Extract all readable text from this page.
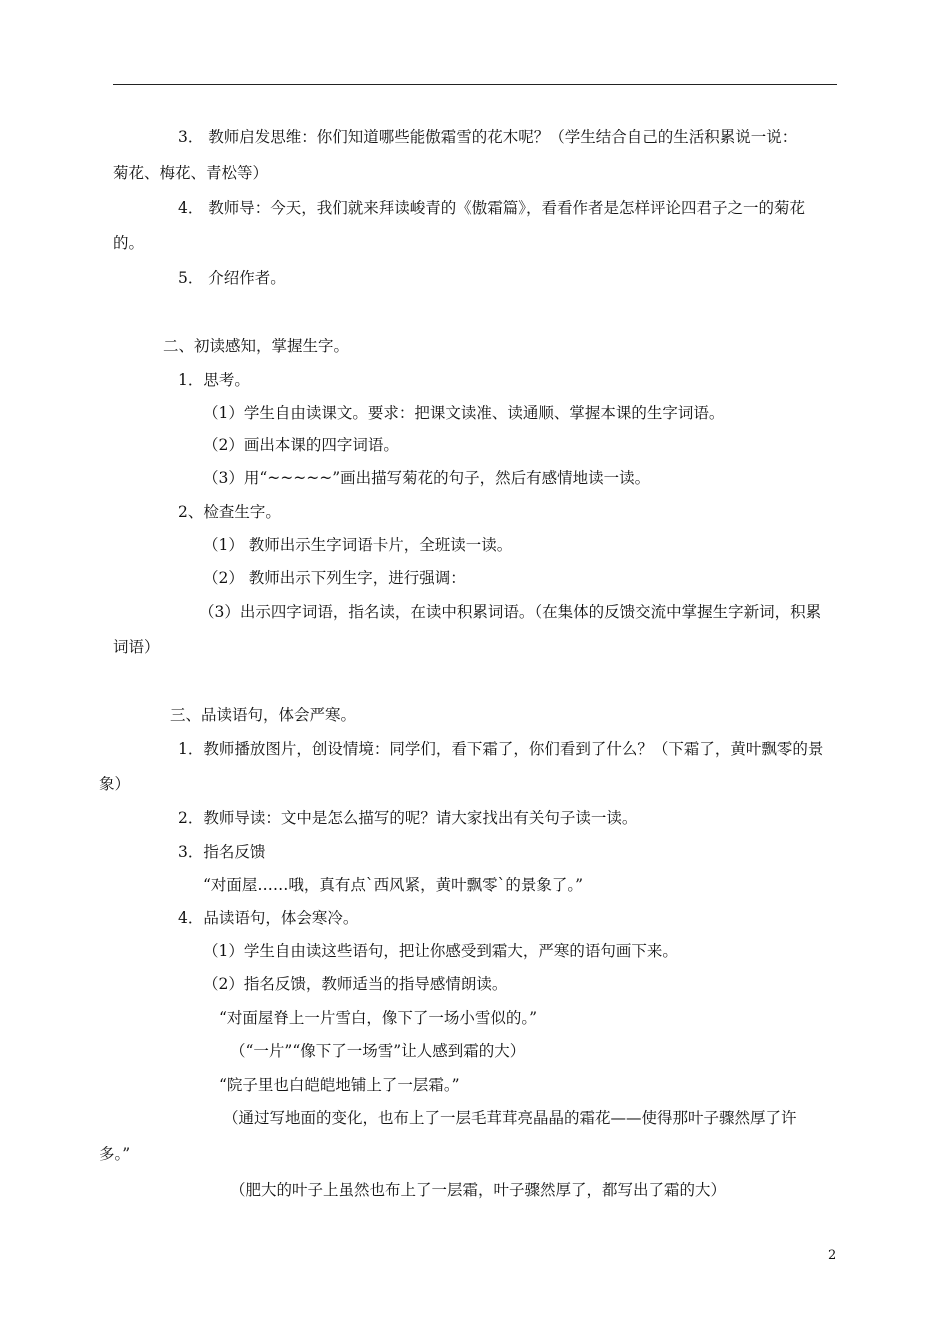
3． 教师启发思维：你们知道哪些能傲霜雪的花木呢？（学生结合自己的生活积累说一说：
菊花、梅花、青松等）
4． 教师导：今天，我们就来拜读峻青的《傲霜篇》，看看作者是怎样评论四君子之一的菊花
的。
5． 介绍作者。
二、初读感知，掌握生字。
1．思考。
（1）学生自由读课文。要求：把课文读准、读通顺、掌握本课的生字词语。
（2）画出本课的四字词语。
（3）用“~~~~~”画出描写菊花的句子，然后有感情地读一读。
2、检查生字。
（1） 教师出示生字词语卡片，全班读一读。
（2） 教师出示下列生字，进行强调：
（3）出示四字词语，指名读，在读中积累词语。（在集体的反馈交流中掌握生字新词，积累
词语）
三、品读语句，体会严寒。
1．教师播放图片，创设情境：同学们，看下霜了，你们看到了什么？（下霜了，黄叶飘零的景
象）
2．教师导读：文中是怎么描写的呢？请大家找出有关句子读一读。
3．指名反馈
“对面屋……哦，真有点`西风紧，黄叶飘零`的景象了。”
4．品读语句，体会寒冷。
（1）学生自由读这些语句，把让你感受到霜大，严寒的语句画下来。
（2）指名反馈，教师适当的指导感情朗读。
“对面屋脊上一片雪白，像下了一场小雪似的。”
（“一片”“像下了一场雪”让人感到霜的大）
“院子里也白皑皑地铺上了一层霜。”
（通过写地面的变化，也布上了一层毛茸茸亮晶晶的霜花——使得那叶子骤然厚了许
多。”
（肥大的叶子上虽然也布上了一层霜，叶子骤然厚了，都写出了霜的大）
2
